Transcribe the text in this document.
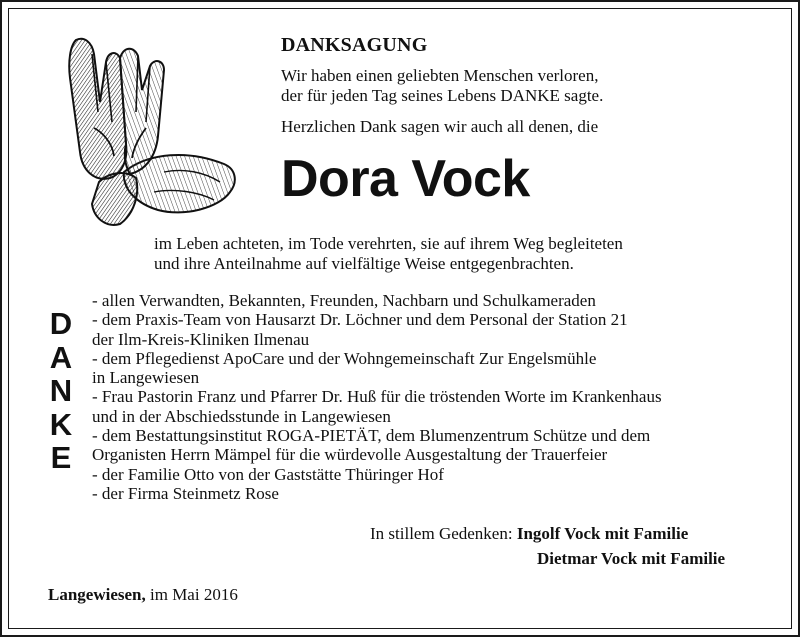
DANKSAGUNG
Wir haben einen geliebten Menschen verloren,
der für jeden Tag seines Lebens DANKE sagte.
Herzlichen Dank sagen wir auch all denen, die
Dora Vock
im Leben achteten, im Tode verehrten, sie auf ihrem Weg begleiteten
und ihre Anteilnahme auf vielfältige Weise entgegenbrachten.
D
A
N
K
E
- allen Verwandten, Bekannten, Freunden, Nachbarn und Schulkameraden
- dem Praxis-Team von Hausarzt Dr. Löchner und dem Personal der Station 21
der Ilm-Kreis-Kliniken Ilmenau
- dem Pflegedienst ApoCare und der Wohngemeinschaft Zur Engelsmühle
in Langewiesen
- Frau Pastorin Franz und Pfarrer Dr. Huß für die tröstenden Worte im Krankenhaus
und in der Abschiedsstunde in Langewiesen
- dem Bestattungsinstitut ROGA-PIETÄT, dem Blumenzentrum Schütze und dem
Organisten Herrn Mämpel für die würdevolle Ausgestaltung der Trauerfeier
- der Familie Otto von der Gaststätte Thüringer Hof
- der Firma Steinmetz Rose
In stillem Gedenken: Ingolf Vock mit Familie
Dietmar Vock mit Familie
Langewiesen, im Mai 2016
